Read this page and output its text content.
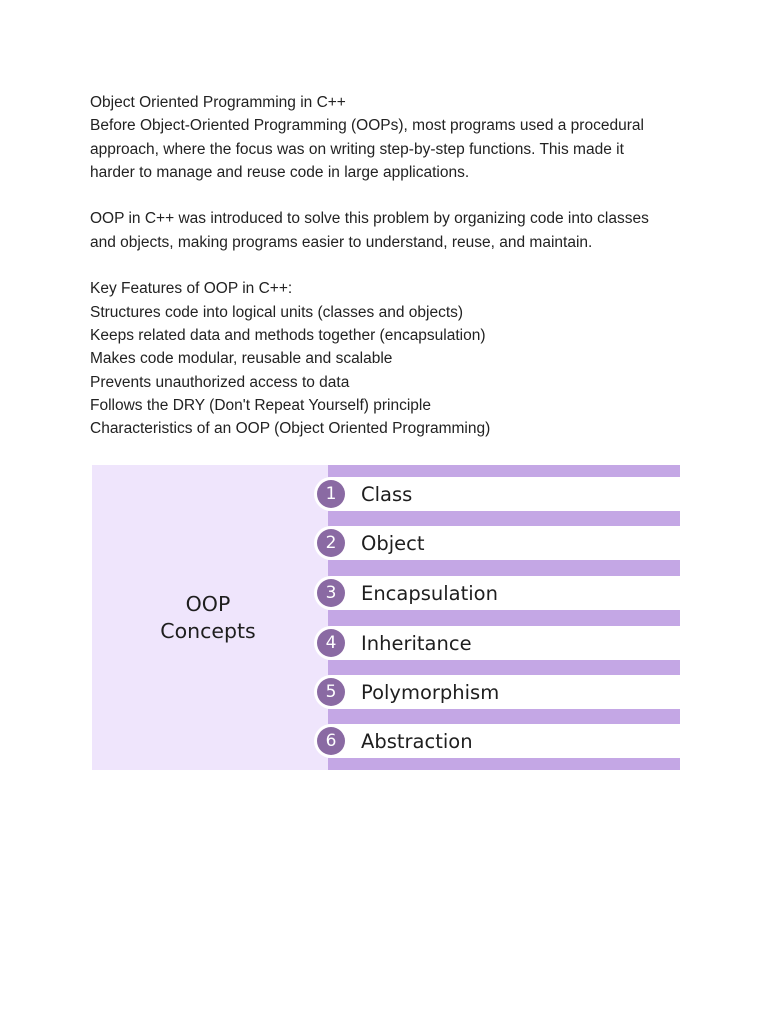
Object Oriented Programming in C++
Before Object-Oriented Programming (OOPs), most programs used a procedural
approach, where the focus was on writing step-by-step functions. This made it
harder to manage and reuse code in large applications.
OOP in C++ was introduced to solve this problem by organizing code into classes
and objects, making programs easier to understand, reuse, and maintain.
Key Features of OOP in C++:
Structures code into logical units (classes and objects)
Keeps related data and methods together (encapsulation)
Makes code modular, reusable and scalable
Prevents unauthorized access to data
Follows the DRY (Don't Repeat Yourself) principle
Characteristics of an OOP (Object Oriented Programming)
OOP
Concepts
1	Class
2	Object
3	Encapsulation
4	Inheritance
5	Polymorphism
6	Abstraction
